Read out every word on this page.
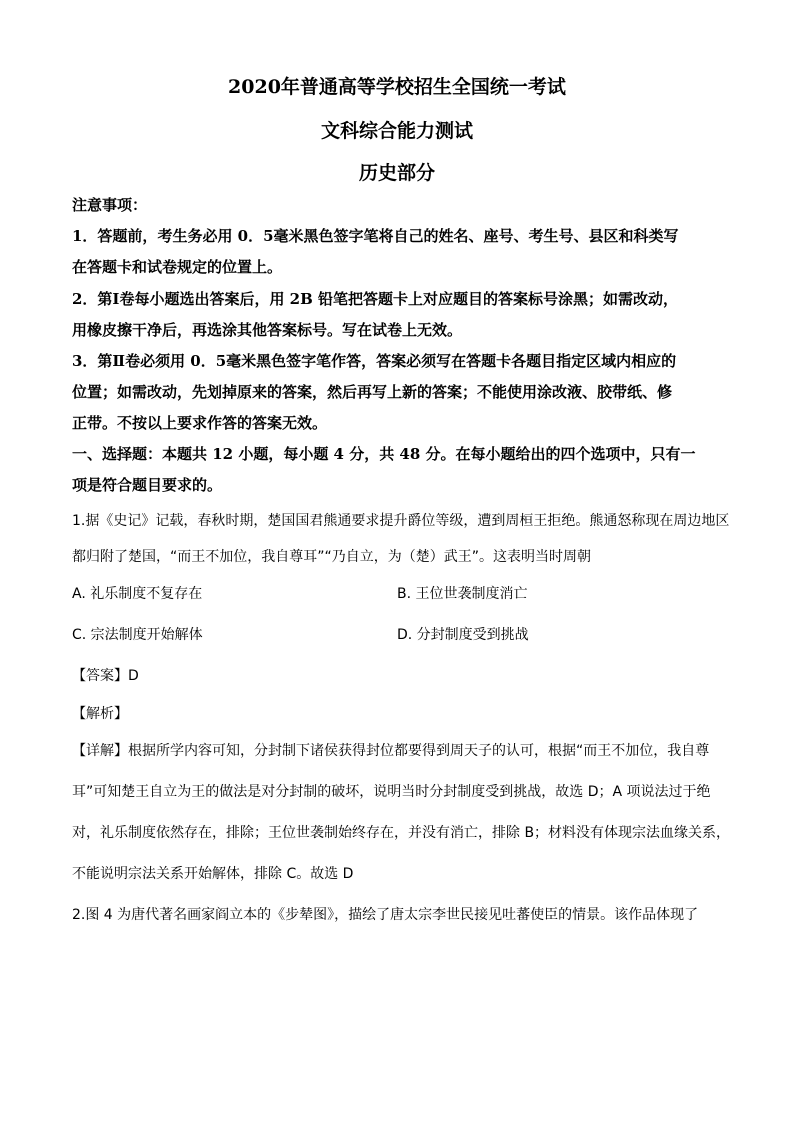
2020年普通高等学校招生全国统一考试
文科综合能力测试
历史部分
注意事项：
1．答题前，考生务必用 0．5毫米黑色签字笔将自己的姓名、座号、考生号、县区和科类写
在答题卡和试卷规定的位置上。
2．第Ⅰ卷每小题选出答案后，用 2B 铅笔把答题卡上对应题目的答案标号涂黑；如需改动，
用橡皮擦干净后，再选涂其他答案标号。写在试卷上无效。
3．第Ⅱ卷必须用 0．5毫米黑色签字笔作答，答案必须写在答题卡各题目指定区域内相应的
位置；如需改动，先划掉原来的答案，然后再写上新的答案；不能使用涂改液、胶带纸、修
正带。不按以上要求作答的答案无效。
一、选择题：本题共 12 小题，每小题 4 分，共 48 分。在每小题给出的四个选项中，只有一
项是符合题目要求的。
1.据《史记》记载，春秋时期，楚国国君熊通要求提升爵位等级，遭到周桓王拒绝。熊通怒称现在周边地区
都归附了楚国，“而王不加位，我自尊耳”“乃自立，为（楚）武王”。这表明当时周朝
A. 礼乐制度不复存在	B. 王位世袭制度消亡
C. 宗法制度开始解体	D. 分封制度受到挑战
【答案】D
【解析】
【详解】根据所学内容可知，分封制下诸侯获得封位都要得到周天子的认可，根据“而王不加位，我自尊
耳”可知楚王自立为王的做法是对分封制的破坏，说明当时分封制度受到挑战，故选 D；A 项说法过于绝
对，礼乐制度依然存在，排除；王位世袭制始终存在，并没有消亡，排除 B；材料没有体现宗法血缘关系，
不能说明宗法关系开始解体，排除 C。故选 D
2.图 4 为唐代著名画家阎立本的《步辇图》，描绘了唐太宗李世民接见吐蕃使臣的情景。该作品体现了
